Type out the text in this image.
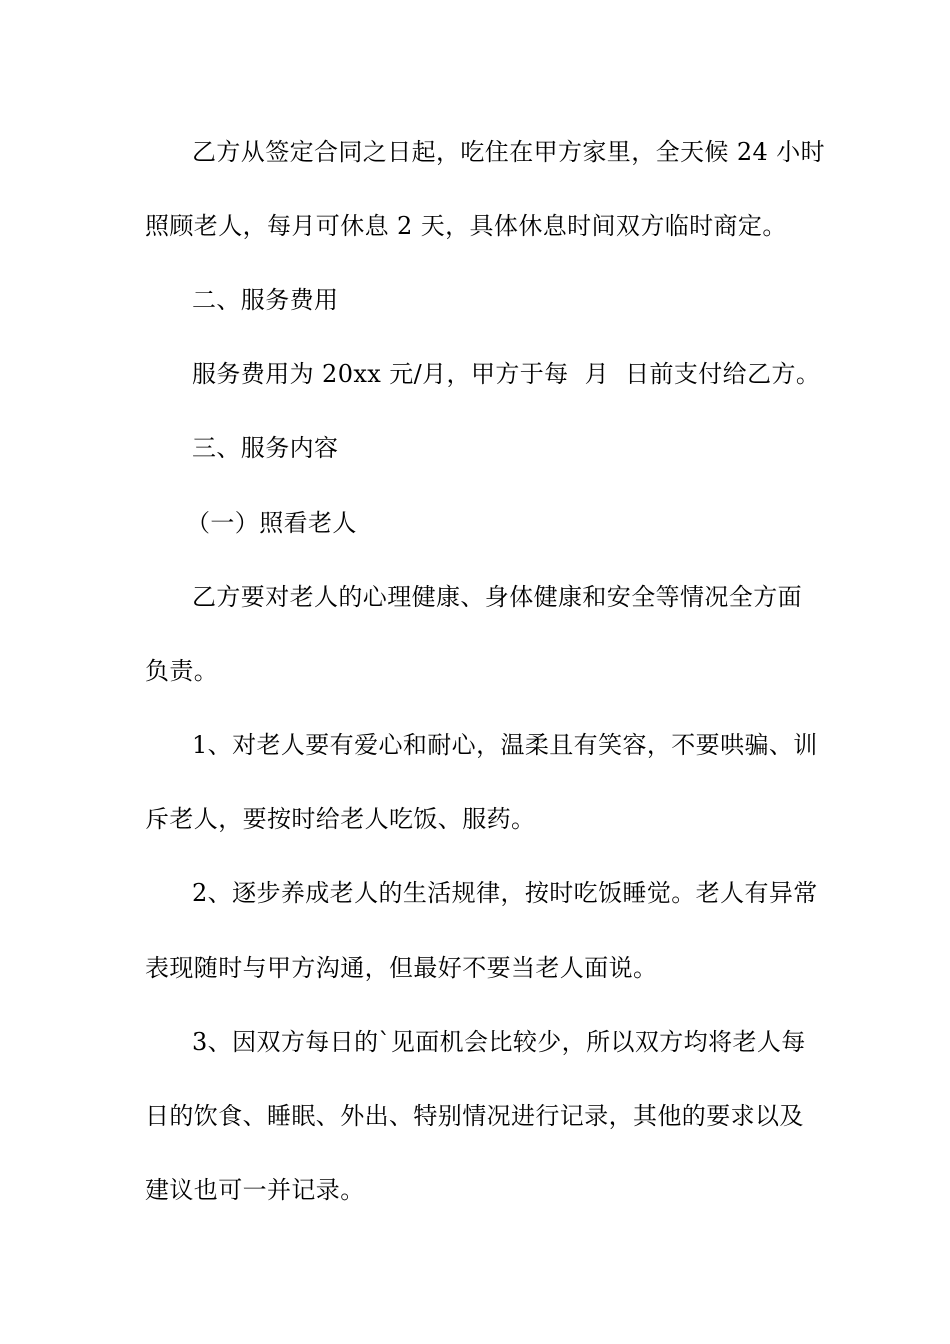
乙方从签定合同之日起，吃住在甲方家里，全天候 24 小时
照顾老人，每月可休息 2 天，具体休息时间双方临时商定。
二、服务费用
服务费用为 20xx 元/月，甲方于每  月  日前支付给乙方。
三、服务内容
（一）照看老人
乙方要对老人的心理健康、身体健康和安全等情况全方面
负责。
1、对老人要有爱心和耐心，温柔且有笑容，不要哄骗、训
斥老人，要按时给老人吃饭、服药。
2、逐步养成老人的生活规律，按时吃饭睡觉。老人有异常
表现随时与甲方沟通，但最好不要当老人面说。
3、因双方每日的`见面机会比较少，所以双方均将老人每
日的饮食、睡眠、外出、特别情况进行记录，其他的要求以及
建议也可一并记录。
